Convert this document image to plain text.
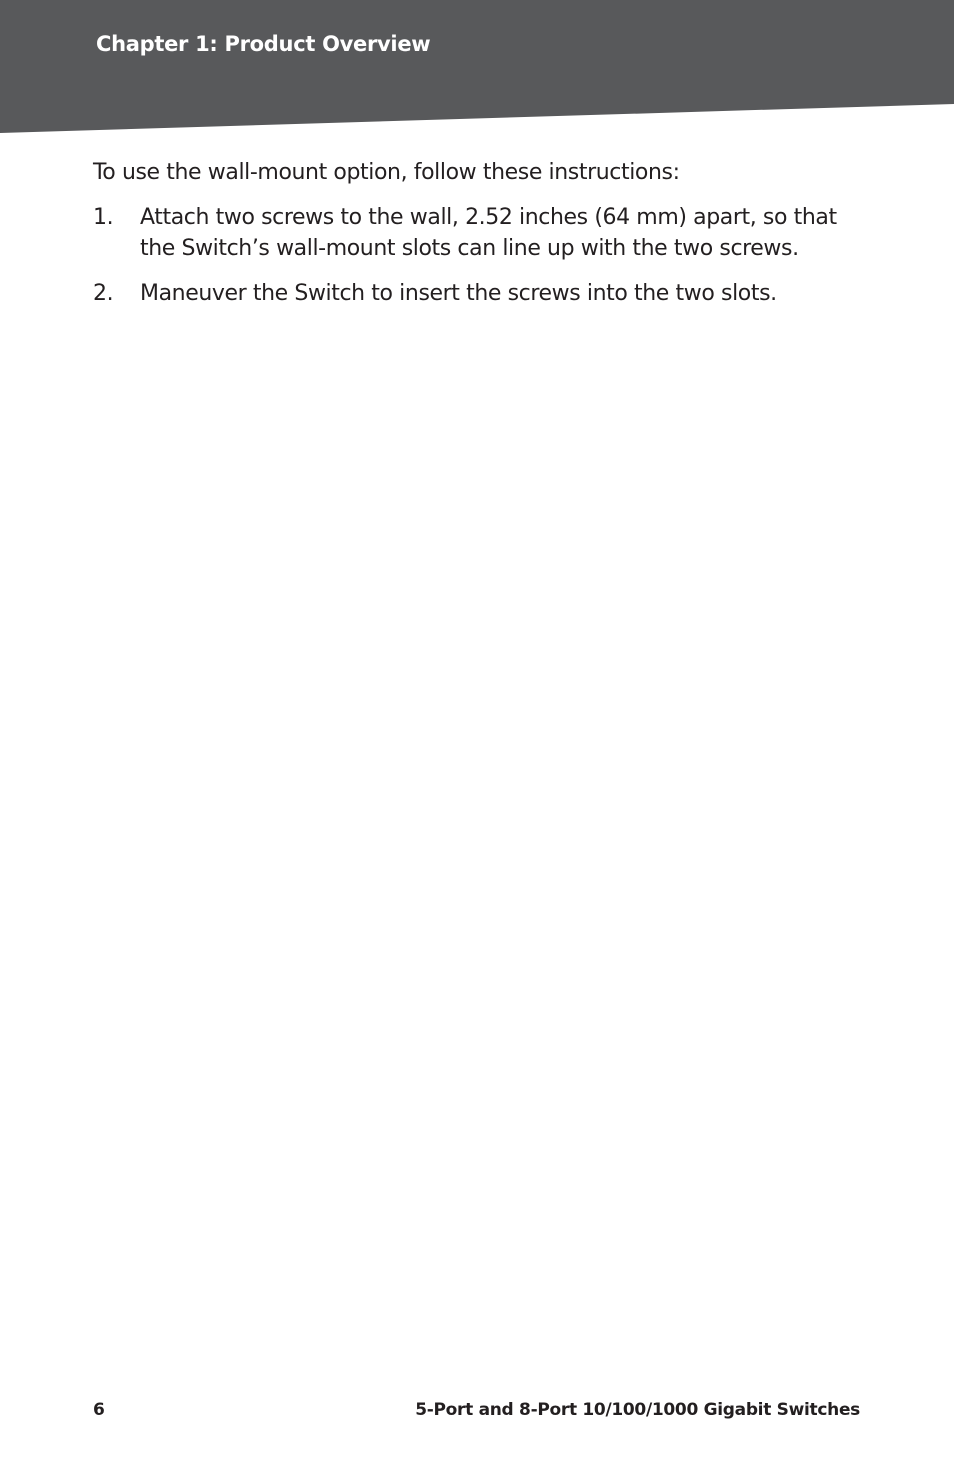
Chapter 1: Product Overview

To use the wall-mount option, follow these instructions:

1.	Attach two screws to the wall, 2.52 inches (64 mm) apart, so that the Switch’s wall-mount slots can line up with the two screws.
2.	Maneuver the Switch to insert the screws into the two slots.
6	5-Port and 8-Port 10/100/1000 Gigabit Switches
